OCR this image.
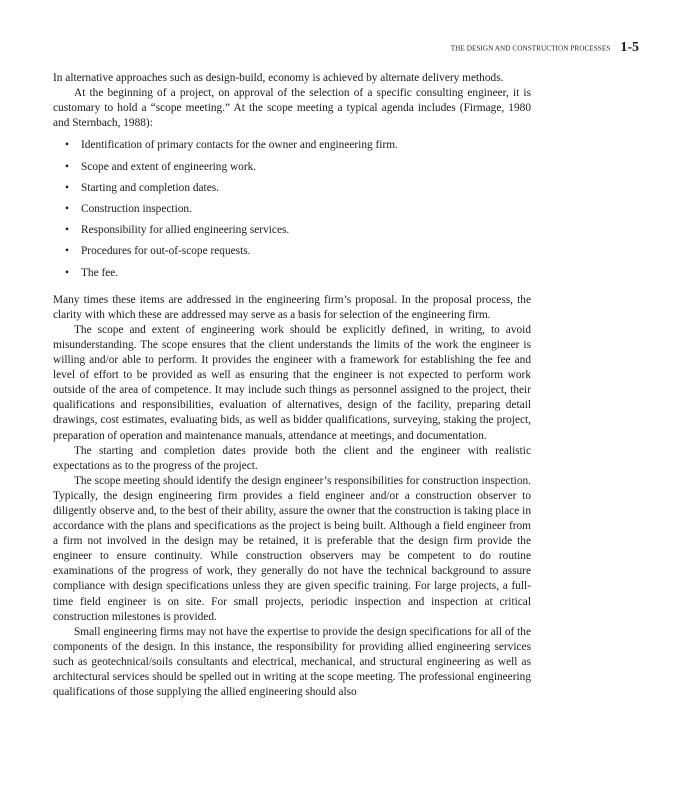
THE DESIGN AND CONSTRUCTION PROCESSES 1-5

In alternative approaches such as design-build, economy is achieved by alternate delivery methods.

At the beginning of a project, on approval of the selection of a specific consulting engineer, it is customary to hold a “scope meeting.” At the scope meeting a typical agenda includes (Firmage, 1980 and Sternbach, 1988):

• Identification of primary contacts for the owner and engineering firm.
• Scope and extent of engineering work.
• Starting and completion dates.
• Construction inspection.
• Responsibility for allied engineering services.
• Procedures for out-of-scope requests.
• The fee.

Many times these items are addressed in the engineering firm’s proposal. In the proposal process, the clarity with which these are addressed may serve as a basis for selection of the engineering firm.

The scope and extent of engineering work should be explicitly defined, in writing, to avoid misunderstanding. The scope ensures that the client understands the limits of the work the engineer is willing and/or able to perform. It provides the engineer with a framework for establishing the fee and level of effort to be provided as well as ensuring that the engineer is not expected to perform work outside of the area of competence. It may include such things as personnel assigned to the project, their qualifications and responsibilities, evaluation of alternatives, design of the facility, preparing detail drawings, cost estimates, evaluating bids, as well as bidder qualifications, surveying, staking the project, preparation of operation and maintenance manuals, attendance at meetings, and documentation.

The starting and completion dates provide both the client and the engineer with realistic expectations as to the progress of the project.

The scope meeting should identify the design engineer’s responsibilities for construction inspection. Typically, the design engineering firm provides a field engineer and/or a construction observer to diligently observe and, to the best of their ability, assure the owner that the construction is taking place in accordance with the plans and specifications as the project is being built. Although a field engineer from a firm not involved in the design may be retained, it is preferable that the design firm provide the engineer to ensure continuity. While construction observers may be competent to do routine examinations of the progress of work, they generally do not have the technical background to assure compliance with design specifications unless they are given specific training. For large projects, a full-time field engineer is on site. For small projects, periodic inspection and inspection at critical construction milestones is provided.

Small engineering firms may not have the expertise to provide the design specifications for all of the components of the design. In this instance, the responsibility for providing allied engineering services such as geotechnical/soils consultants and electrical, mechanical, and structural engineering as well as architectural services should be spelled out in writing at the scope meeting. The professional engineering qualifications of those supplying the allied engineering should also
